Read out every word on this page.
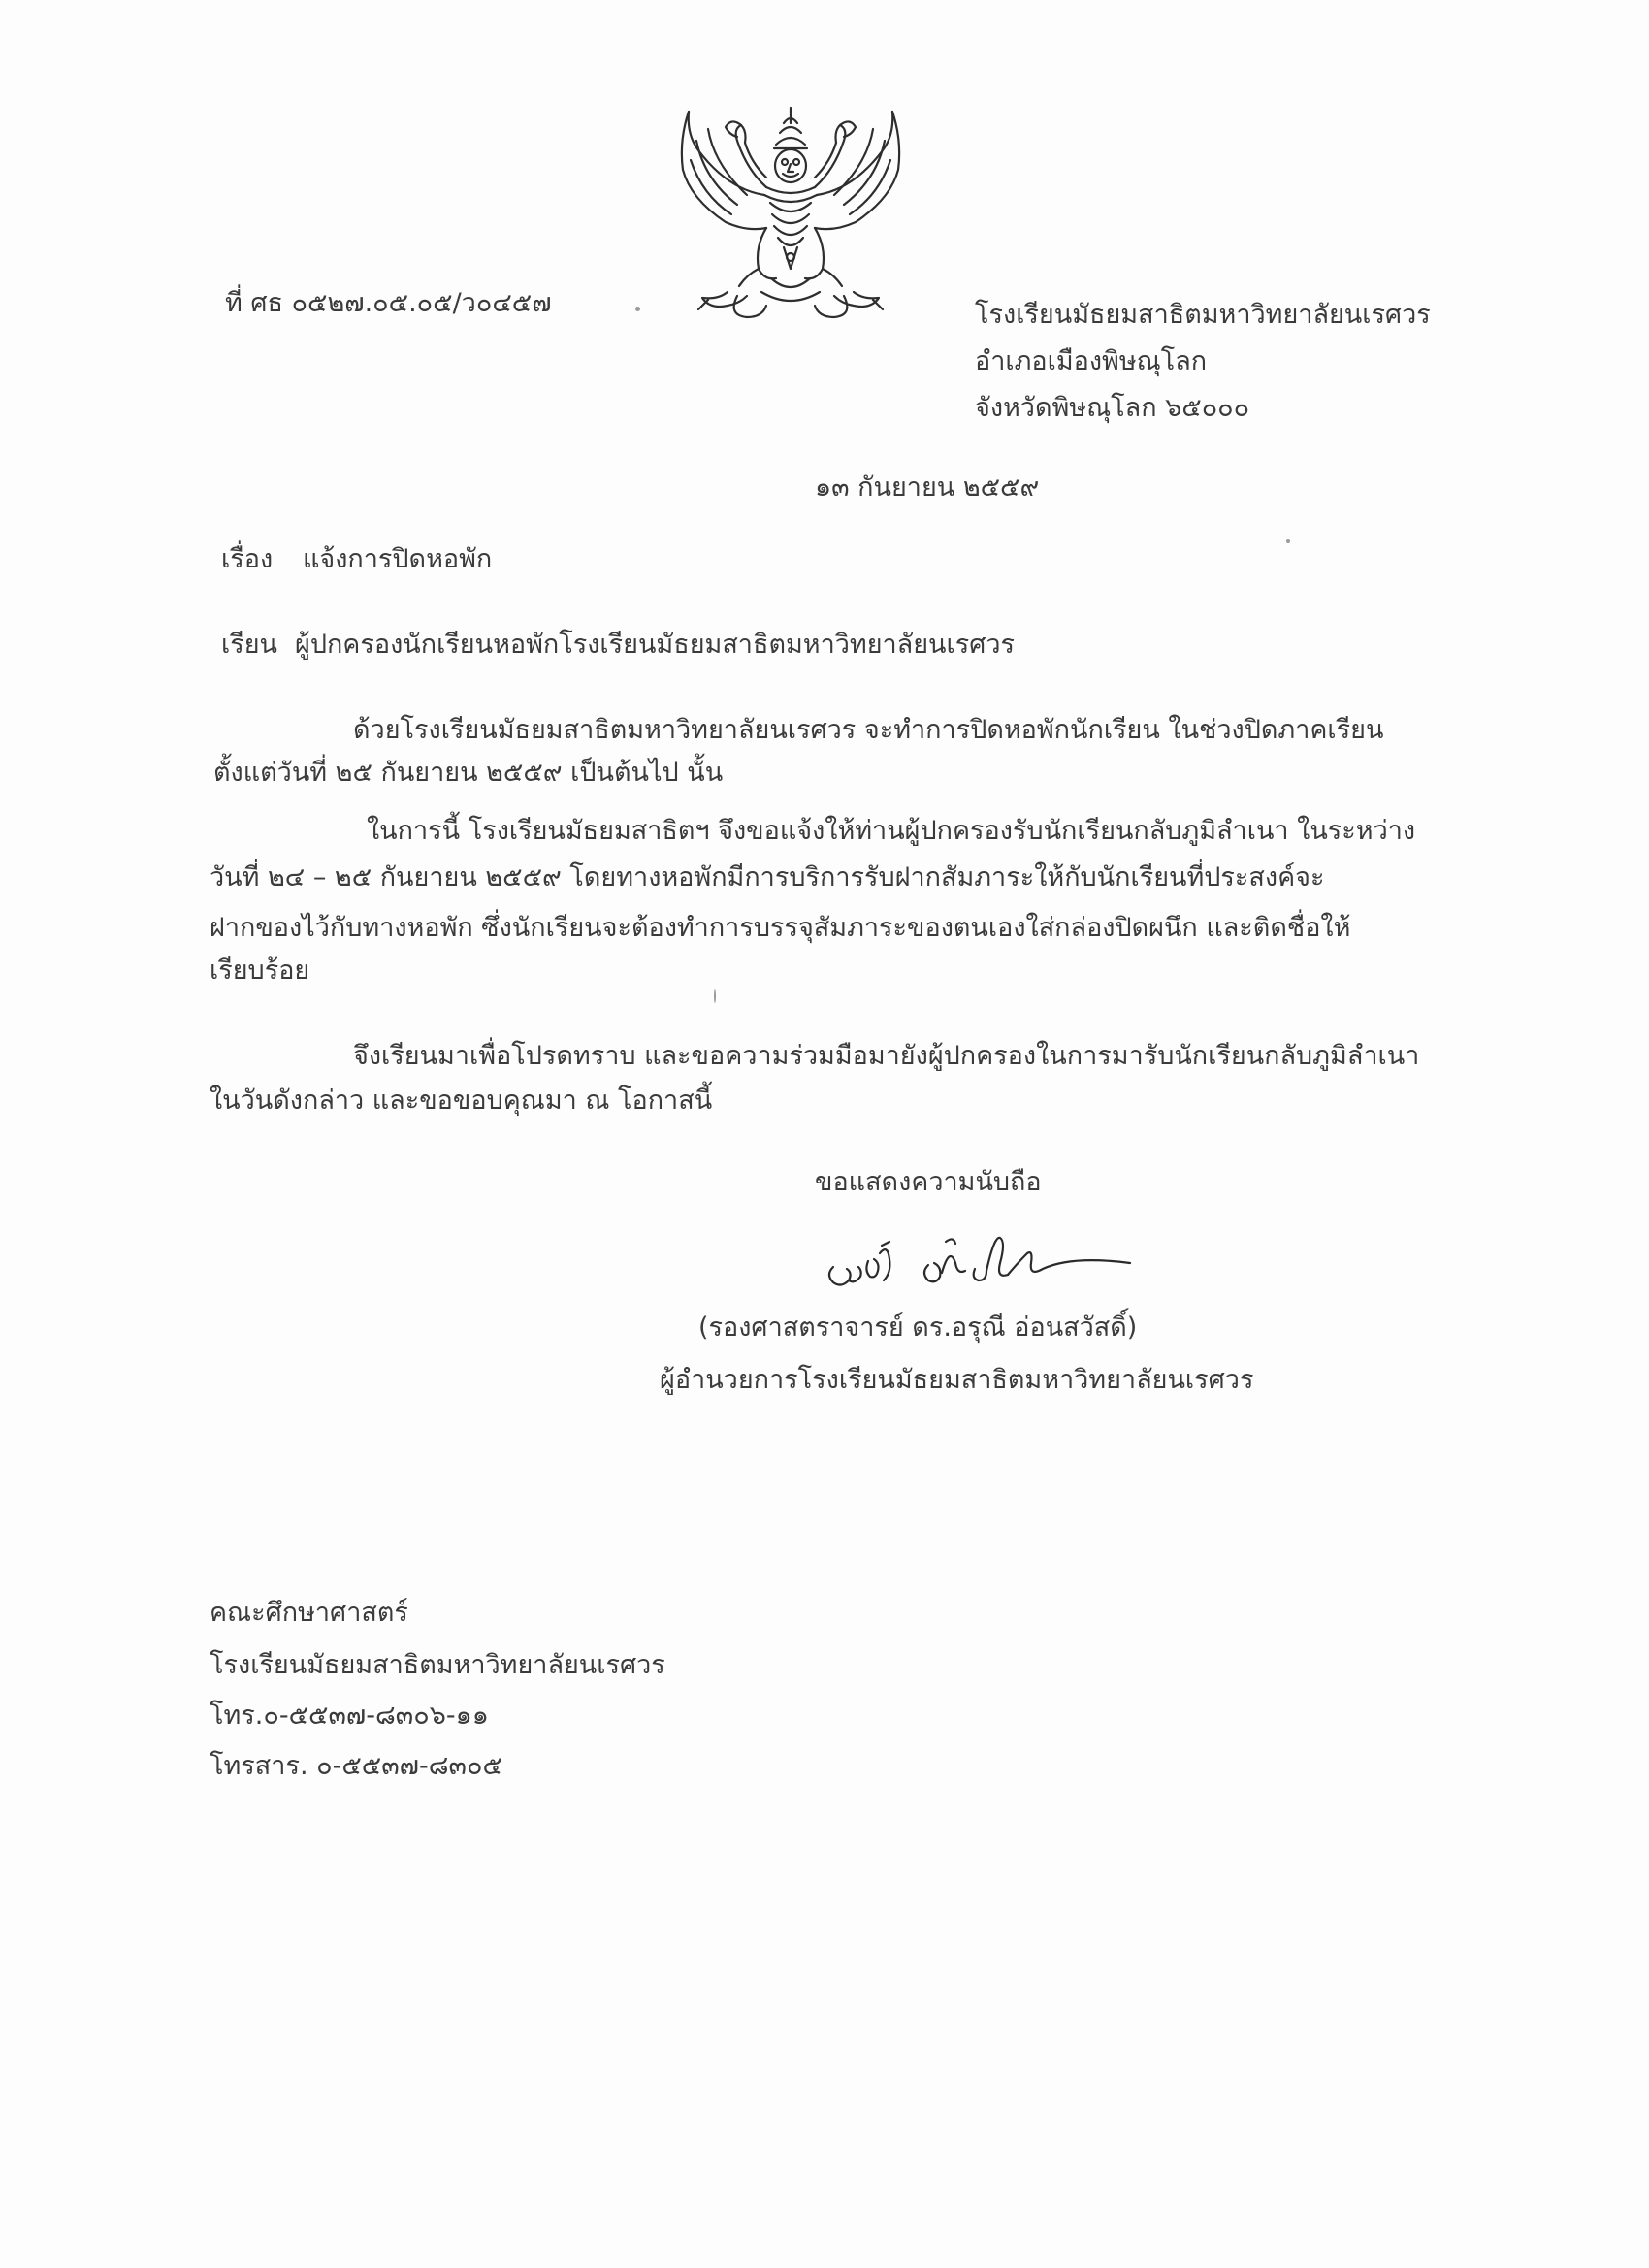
ที่ ศธ ๐๕๒๗.๐๕.๐๕/ว๐๔๕๗	โรงเรียนมัธยมสาธิตมหาวิทยาลัยนเรศวร
อำเภอเมืองพิษณุโลก
จังหวัดพิษณุโลก ๖๕๐๐๐
๑๓ กันยายน ๒๕๕๙
เรื่อง แจ้งการปิดหอพัก
เรียน ผู้ปกครองนักเรียนหอพักโรงเรียนมัธยมสาธิตมหาวิทยาลัยนเรศวร
ด้วยโรงเรียนมัธยมสาธิตมหาวิทยาลัยนเรศวร จะทำการปิดหอพักนักเรียน ในช่วงปิดภาคเรียน
ตั้งแต่วันที่ ๒๕ กันยายน ๒๕๕๙ เป็นต้นไป นั้น
ในการนี้ โรงเรียนมัธยมสาธิตฯ จึงขอแจ้งให้ท่านผู้ปกครองรับนักเรียนกลับภูมิลำเนา ในระหว่าง
วันที่ ๒๔ – ๒๕ กันยายน ๒๕๕๙ โดยทางหอพักมีการบริการรับฝากสัมภาระให้กับนักเรียนที่ประสงค์จะ
ฝากของไว้กับทางหอพัก ซึ่งนักเรียนจะต้องทำการบรรจุสัมภาระของตนเองใส่กล่องปิดผนึก และติดชื่อให้
เรียบร้อย
จึงเรียนมาเพื่อโปรดทราบ และขอความร่วมมือมายังผู้ปกครองในการมารับนักเรียนกลับภูมิลำเนา
ในวันดังกล่าว และขอขอบคุณมา ณ โอกาสนี้
ขอแสดงความนับถือ
(รองศาสตราจารย์ ดร.อรุณี อ่อนสวัสดิ์)
ผู้อำนวยการโรงเรียนมัธยมสาธิตมหาวิทยาลัยนเรศวร
คณะศึกษาศาสตร์
โรงเรียนมัธยมสาธิตมหาวิทยาลัยนเรศวร
โทร.๐-๕๕๓๗-๘๓๐๖-๑๑
โทรสาร. ๐-๕๕๓๗-๘๓๐๕
